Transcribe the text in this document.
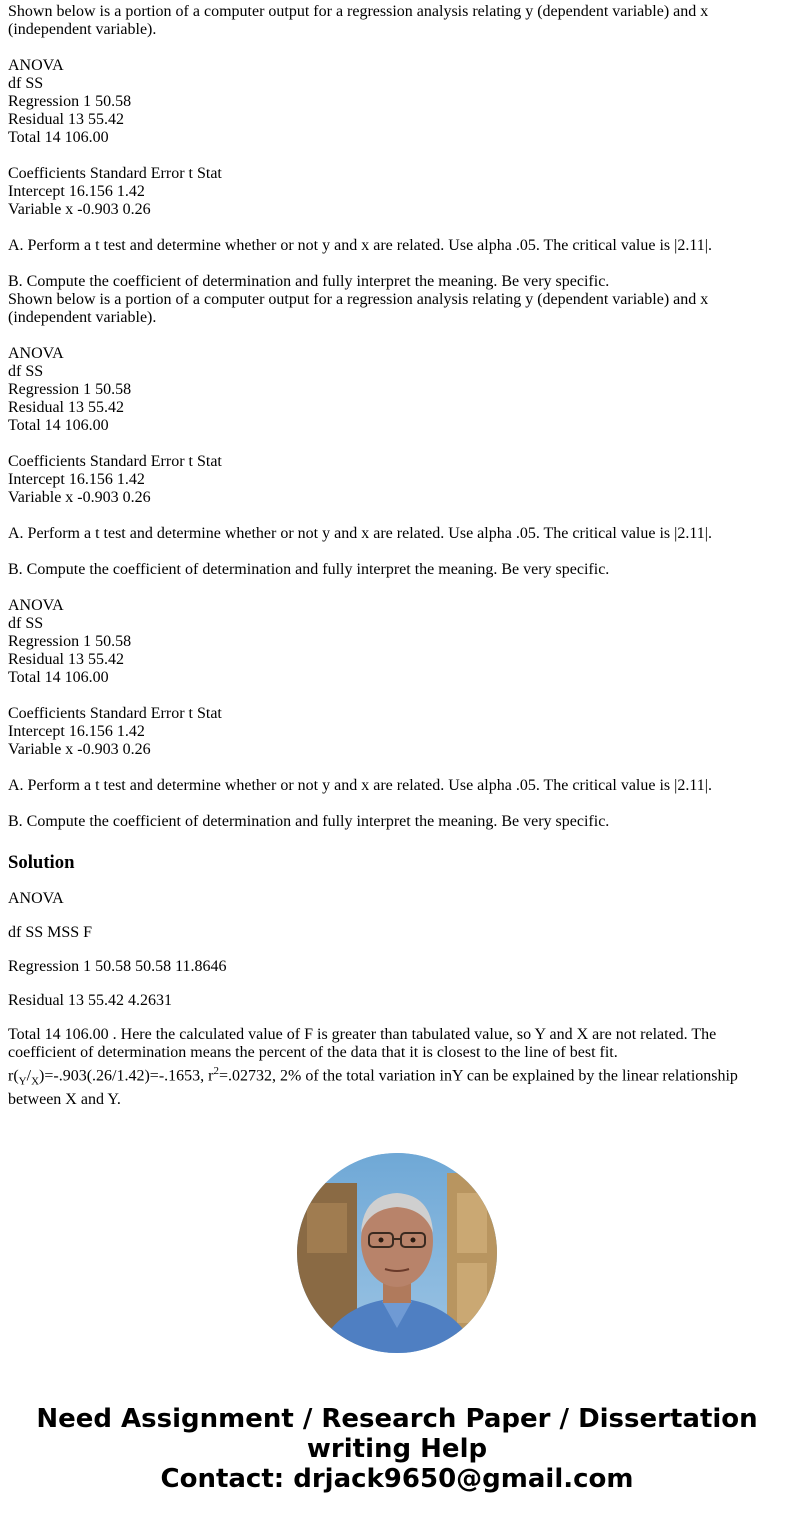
Shown below is a portion of a computer output for a regression analysis relating y (dependent variable) and x
(independent variable).
ANOVA
df SS
Regression 1 50.58
Residual 13 55.42
Total 14 106.00
Coefficients Standard Error t Stat
Intercept 16.156 1.42
Variable x -0.903 0.26
A. Perform a t test and determine whether or not y and x are related. Use alpha .05. The critical value is |2.11|.
B. Compute the coefficient of determination and fully interpret the meaning. Be very specific.
Shown below is a portion of a computer output for a regression analysis relating y (dependent variable) and x
(independent variable).
ANOVA
df SS
Regression 1 50.58
Residual 13 55.42
Total 14 106.00
Coefficients Standard Error t Stat
Intercept 16.156 1.42
Variable x -0.903 0.26
A. Perform a t test and determine whether or not y and x are related. Use alpha .05. The critical value is |2.11|.
B. Compute the coefficient of determination and fully interpret the meaning. Be very specific.
ANOVA
df SS
Regression 1 50.58
Residual 13 55.42
Total 14 106.00
Coefficients Standard Error t Stat
Intercept 16.156 1.42
Variable x -0.903 0.26
A. Perform a t test and determine whether or not y and x are related. Use alpha .05. The critical value is |2.11|.
B. Compute the coefficient of determination and fully interpret the meaning. Be very specific.
Solution
ANOVA
df SS MSS F
Regression 1 50.58 50.58 11.8646
Residual 13 55.42 4.2631
Total 14 106.00 . Here the calculated value of F is greater than tabulated value, so Y and X are not related. The coefficient of determination means the percent of the data that it is closest to the line of best fit.
$r(_Y/_X)=-.903(.26/1.42)=-.1653$, $r^2=.02732$, 2% of the total variation inY can be explained by the linear relationship between X and Y.
Need Assignment / Research Paper / Dissertation
writing Help
Contact: drjack9650@gmail.com
